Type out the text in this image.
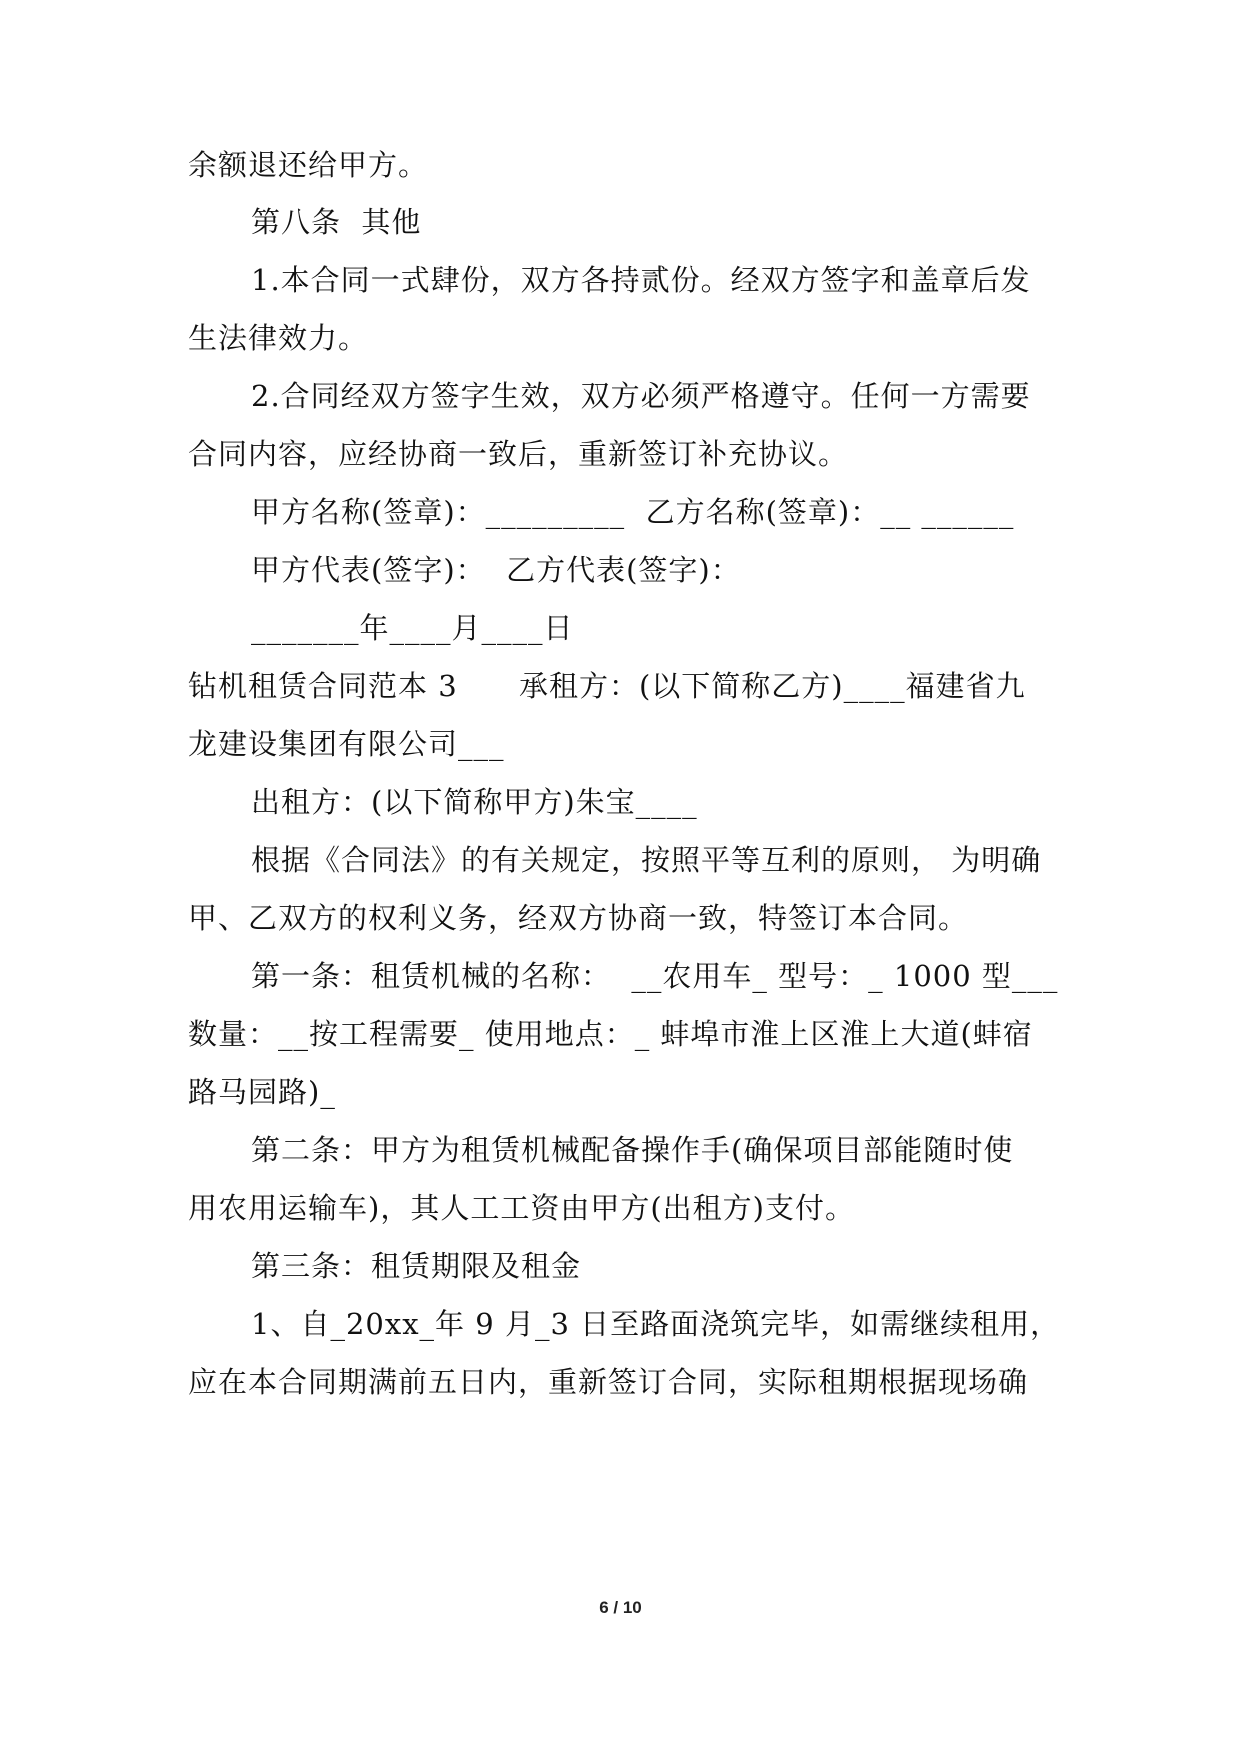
余额退还给甲方。
第八条  其他
1.本合同一式肆份，双方各持贰份。经双方签字和盖章后发
生法律效力。
2.合同经双方签字生效，双方必须严格遵守。任何一方需要
合同内容，应经协商一致后，重新签订补充协议。
甲方名称(签章)：_________  乙方名称(签章)：__ ______
甲方代表(签字)：  乙方代表(签字)：
_______年____月____日
钻机租赁合同范本 3      承租方：(以下简称乙方)____福建省九
龙建设集团有限公司___
出租方：(以下简称甲方)朱宝____
根据《合同法》的有关规定，按照平等互利的原则， 为明确
甲、乙双方的权利义务，经双方协商一致，特签订本合同。
第一条：租赁机械的名称：  __农用车_ 型号：_ 1000 型___
数量：__按工程需要_ 使用地点：_ 蚌埠市淮上区淮上大道(蚌宿
路马园路)_
第二条：甲方为租赁机械配备操作手(确保项目部能随时使
用农用运输车)，其人工工资由甲方(出租方)支付。
第三条：租赁期限及租金
1、自_20xx_年 9 月_3 日至路面浇筑完毕，如需继续租用，
应在本合同期满前五日内，重新签订合同，实际租期根据现场确
6 / 10
